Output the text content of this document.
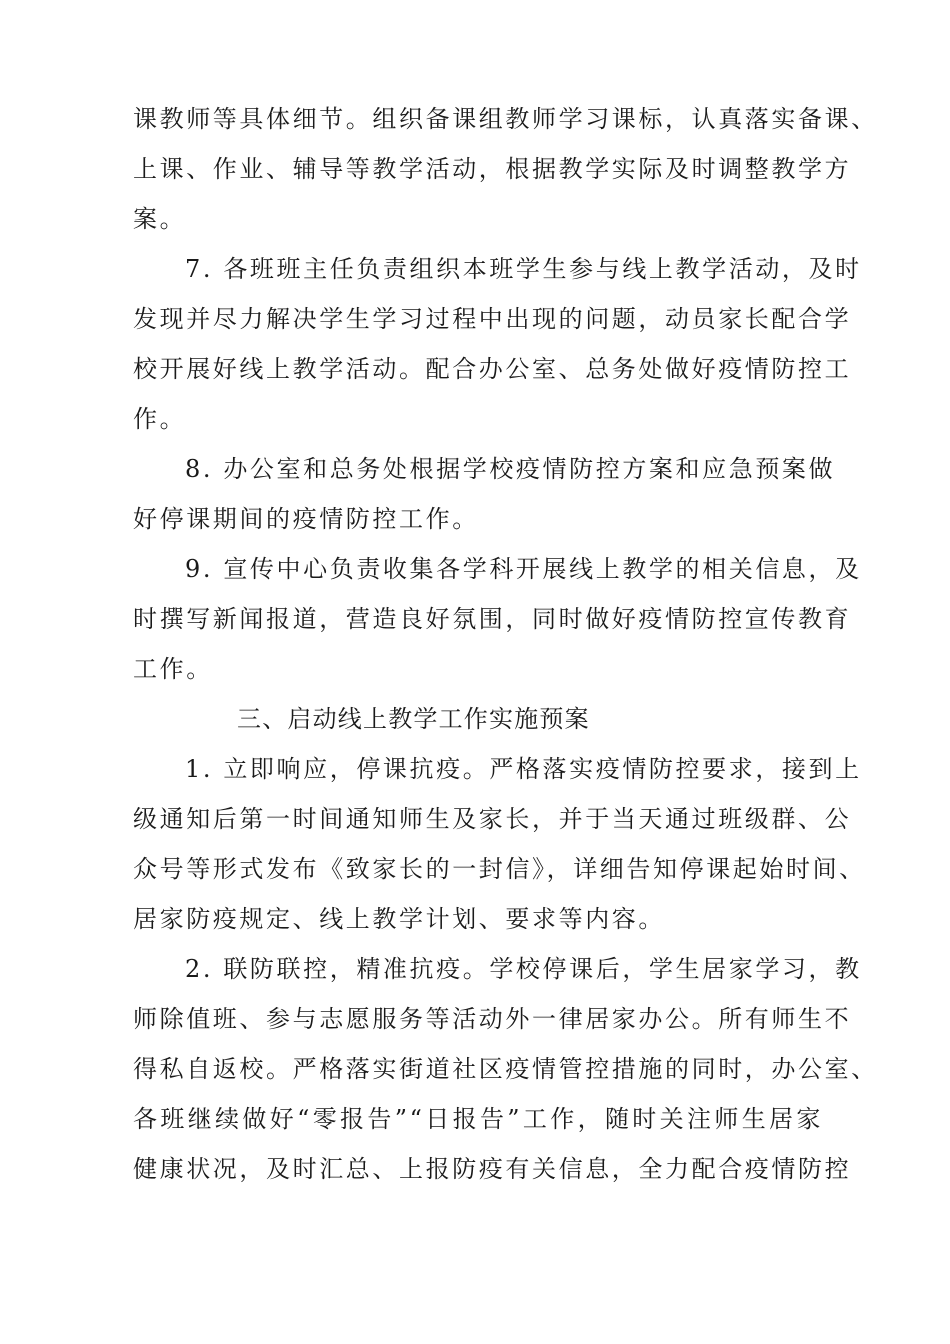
课教师等具体细节。组织备课组教师学习课标，认真落实备课、
上课、作业、辅导等教学活动，根据教学实际及时调整教学方
案。
7. 各班班主任负责组织本班学生参与线上教学活动，及时
发现并尽力解决学生学习过程中出现的问题，动员家长配合学
校开展好线上教学活动。配合办公室、总务处做好疫情防控工
作。
8. 办公室和总务处根据学校疫情防控方案和应急预案做
好停课期间的疫情防控工作。
9. 宣传中心负责收集各学科开展线上教学的相关信息，及
时撰写新闻报道，营造良好氛围，同时做好疫情防控宣传教育
工作。
三、启动线上教学工作实施预案
1. 立即响应，停课抗疫。严格落实疫情防控要求，接到上
级通知后第一时间通知师生及家长，并于当天通过班级群、公
众号等形式发布《致家长的一封信》，详细告知停课起始时间、
居家防疫规定、线上教学计划、要求等内容。
2. 联防联控，精准抗疫。学校停课后，学生居家学习，教
师除值班、参与志愿服务等活动外一律居家办公。所有师生不
得私自返校。严格落实街道社区疫情管控措施的同时，办公室、
各班继续做好“零报告”“日报告”工作，随时关注师生居家
健康状况，及时汇总、上报防疫有关信息，全力配合疫情防控
